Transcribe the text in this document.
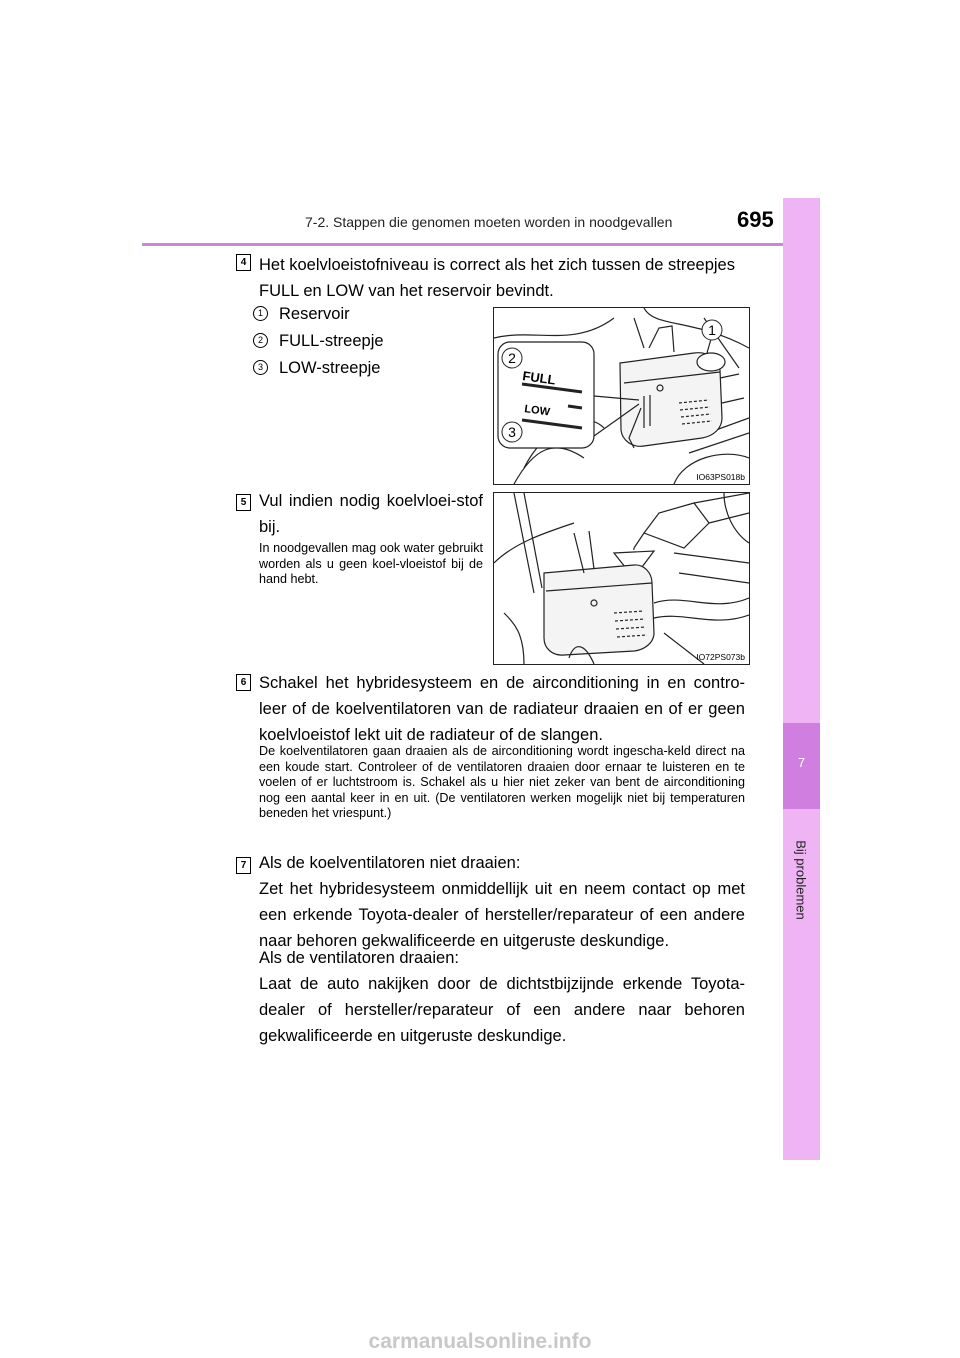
7-2. Stappen die genomen moeten worden in noodgevallen	695
7
Bij problemen
4 Het koelvloeistofniveau is correct als het zich tussen de streepjes FULL en LOW van het reservoir bevindt.
1 Reservoir
2 FULL-streepje
3 LOW-streepje
FULL
LOW
1
2
3
IO63PS018b
5 Vul indien nodig koelvloei-stof bij.
In noodgevallen mag ook water gebruikt worden als u geen koel-vloeistof bij de hand hebt.
IO72PS073b
6 Schakel het hybridesysteem en de airconditioning in en contro-leer of de koelventilatoren van de radiateur draaien en of er geen koelvloeistof lekt uit de radiateur of de slangen.
De koelventilatoren gaan draaien als de airconditioning wordt ingescha-keld direct na een koude start. Controleer of de ventilatoren draaien door ernaar te luisteren en te voelen of er luchtstroom is. Schakel als u hier niet zeker van bent de airconditioning nog een aantal keer in en uit. (De ventilatoren werken mogelijk niet bij temperaturen beneden het vriespunt.)
7 Als de koelventilatoren niet draaien:
Zet het hybridesysteem onmiddellijk uit en neem contact op met een erkende Toyota-dealer of hersteller/reparateur of een andere naar behoren gekwalificeerde en uitgeruste deskundige.
Als de ventilatoren draaien:
Laat de auto nakijken door de dichtstbijzijnde erkende Toyota-dealer of hersteller/reparateur of een andere naar behoren gekwalificeerde en uitgeruste deskundige.
carmanualsonline.info
